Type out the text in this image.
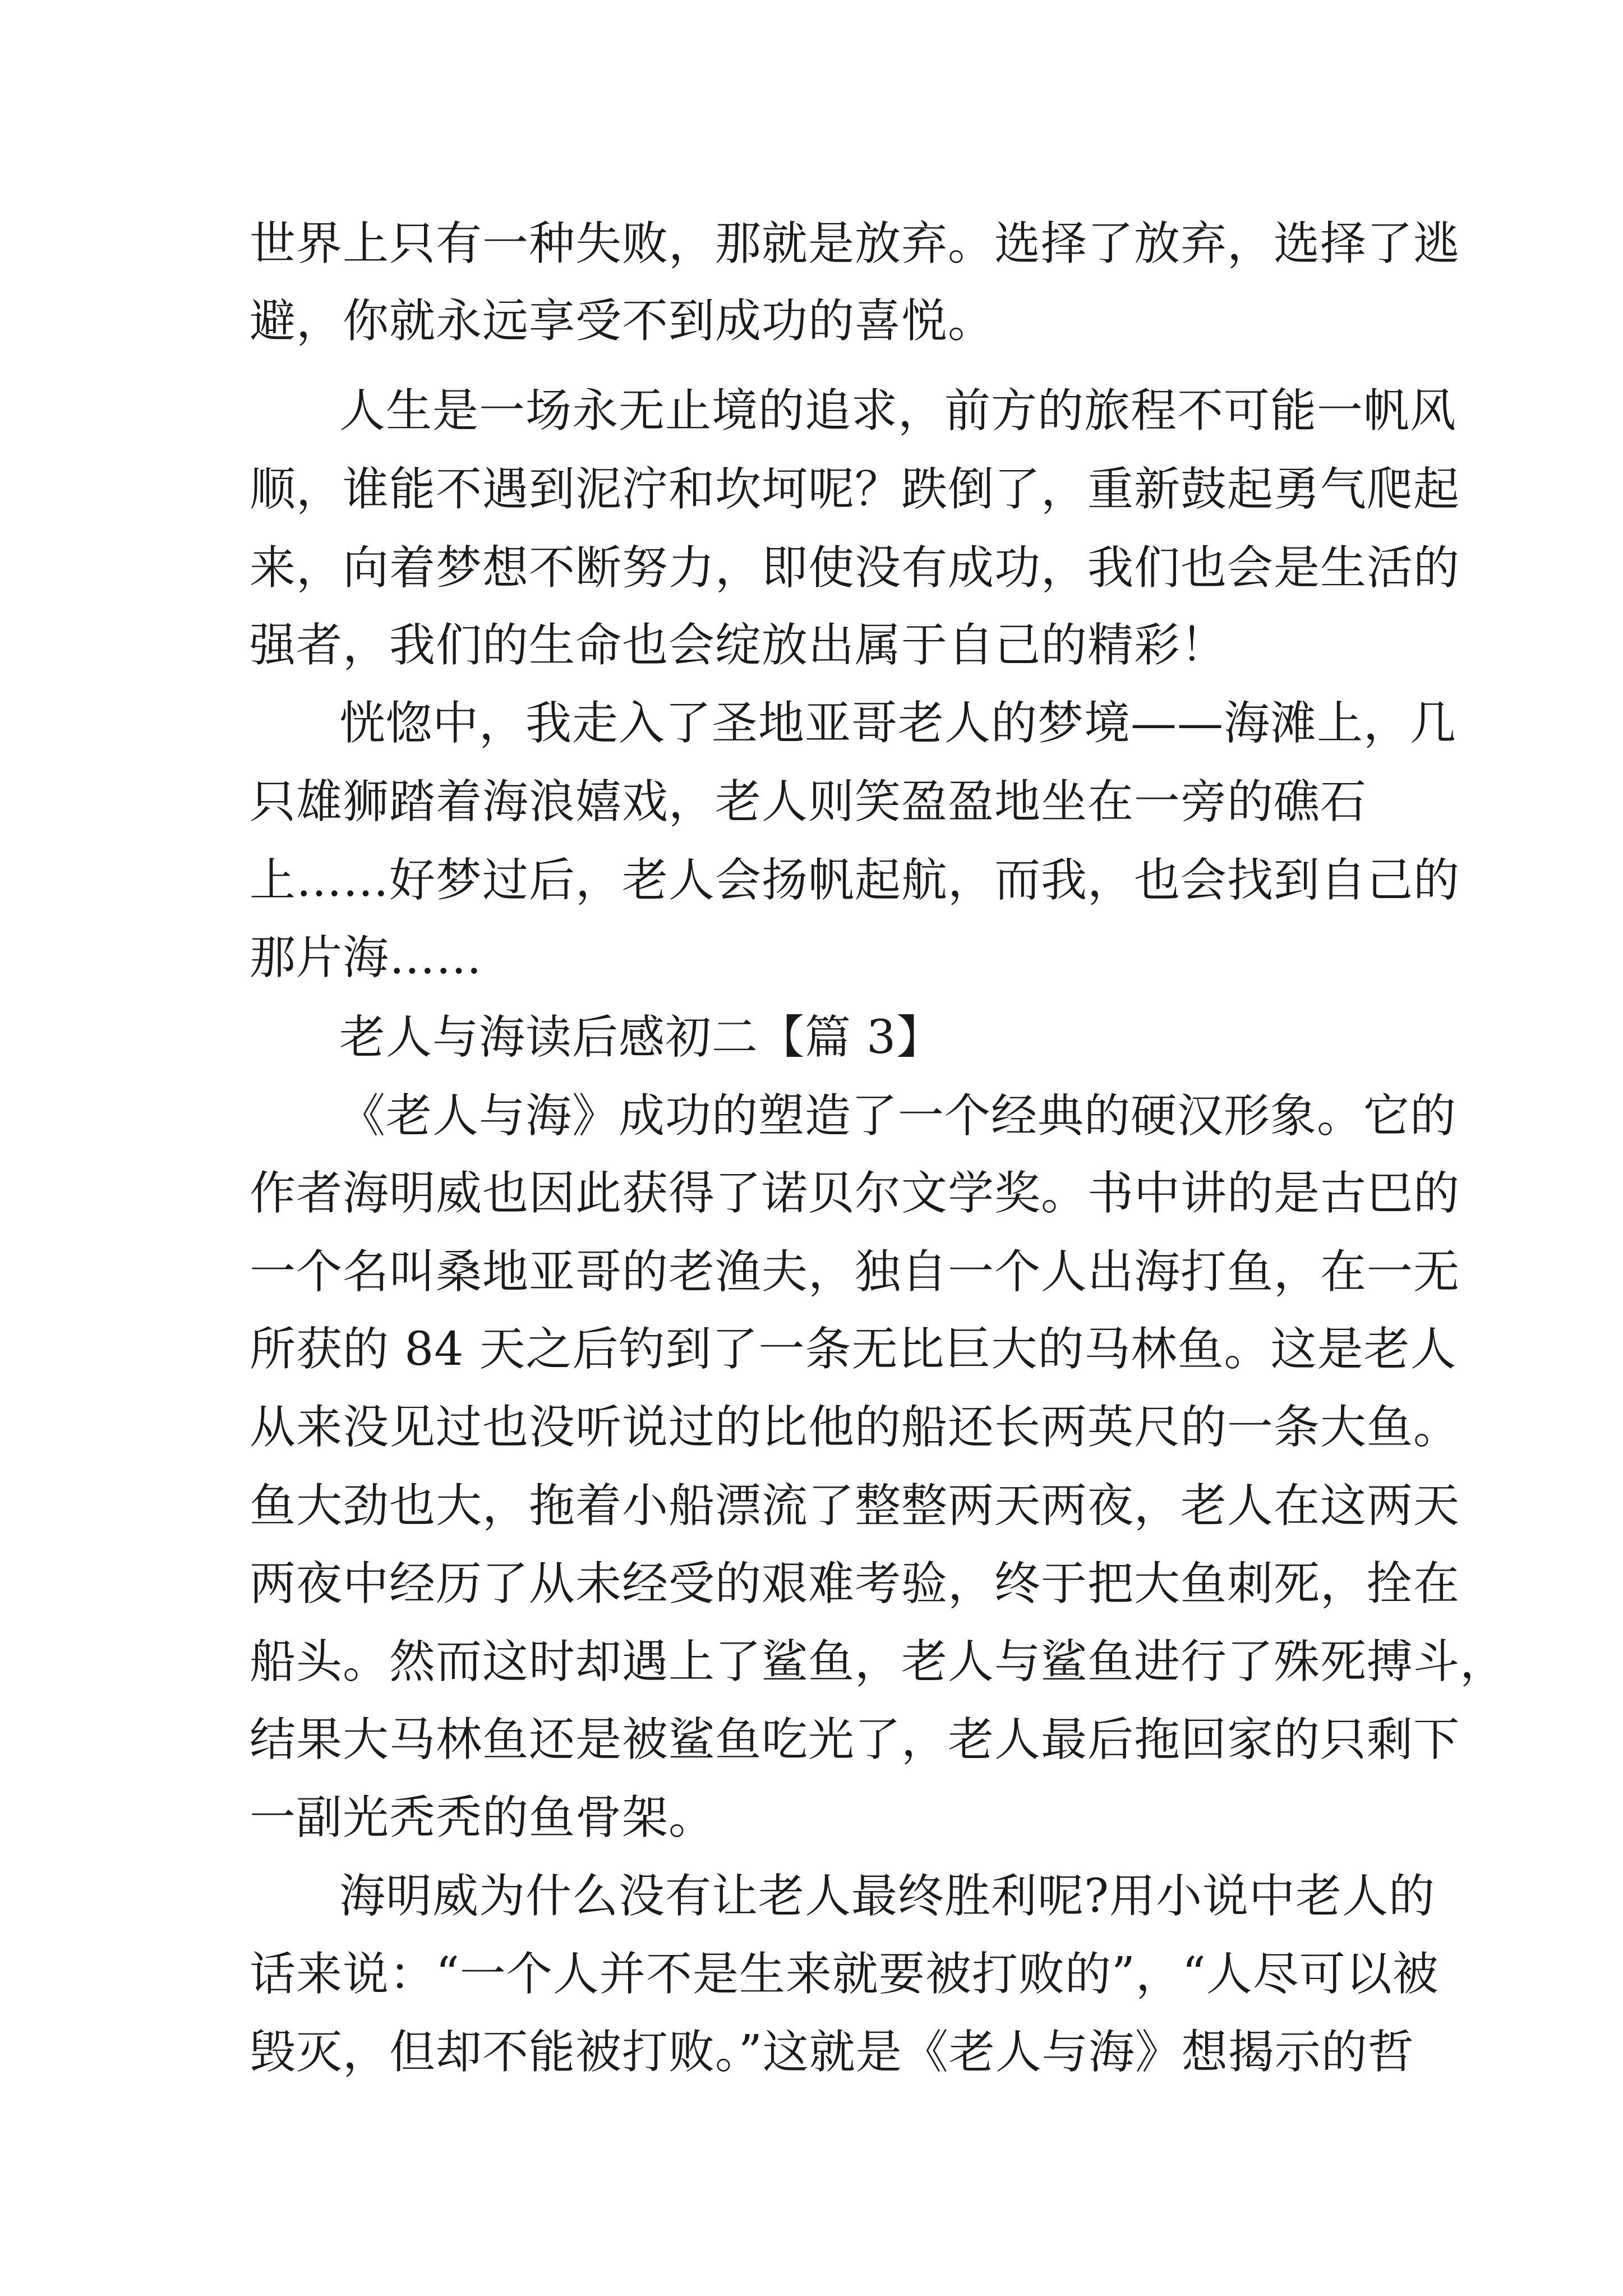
世界上只有一种失败，那就是放弃。选择了放弃，选择了逃
避，你就永远享受不到成功的喜悦。
人生是一场永无止境的追求，前方的旅程不可能一帆风
顺，谁能不遇到泥泞和坎坷呢？跌倒了，重新鼓起勇气爬起
来，向着梦想不断努力，即使没有成功，我们也会是生活的
强者，我们的生命也会绽放出属于自己的精彩！
恍惚中，我走入了圣地亚哥老人的梦境——海滩上，几
只雄狮踏着海浪嬉戏，老人则笑盈盈地坐在一旁的礁石
上……好梦过后，老人会扬帆起航，而我，也会找到自己的
那片海……
老人与海读后感初二【篇 3】
《老人与海》成功的塑造了一个经典的硬汉形象。它的
作者海明威也因此获得了诺贝尔文学奖。书中讲的是古巴的
一个名叫桑地亚哥的老渔夫，独自一个人出海打鱼，在一无
所获的 84 天之后钓到了一条无比巨大的马林鱼。这是老人
从来没见过也没听说过的比他的船还长两英尺的一条大鱼。
鱼大劲也大，拖着小船漂流了整整两天两夜，老人在这两天
两夜中经历了从未经受的艰难考验，终于把大鱼刺死，拴在
船头。然而这时却遇上了鲨鱼，老人与鲨鱼进行了殊死搏斗，
结果大马林鱼还是被鲨鱼吃光了，老人最后拖回家的只剩下
一副光秃秃的鱼骨架。
海明威为什么没有让老人最终胜利呢?用小说中老人的
话来说：“一个人并不是生来就要被打败的”，“人尽可以被
毁灭，但却不能被打败。”这就是《老人与海》想揭示的哲
